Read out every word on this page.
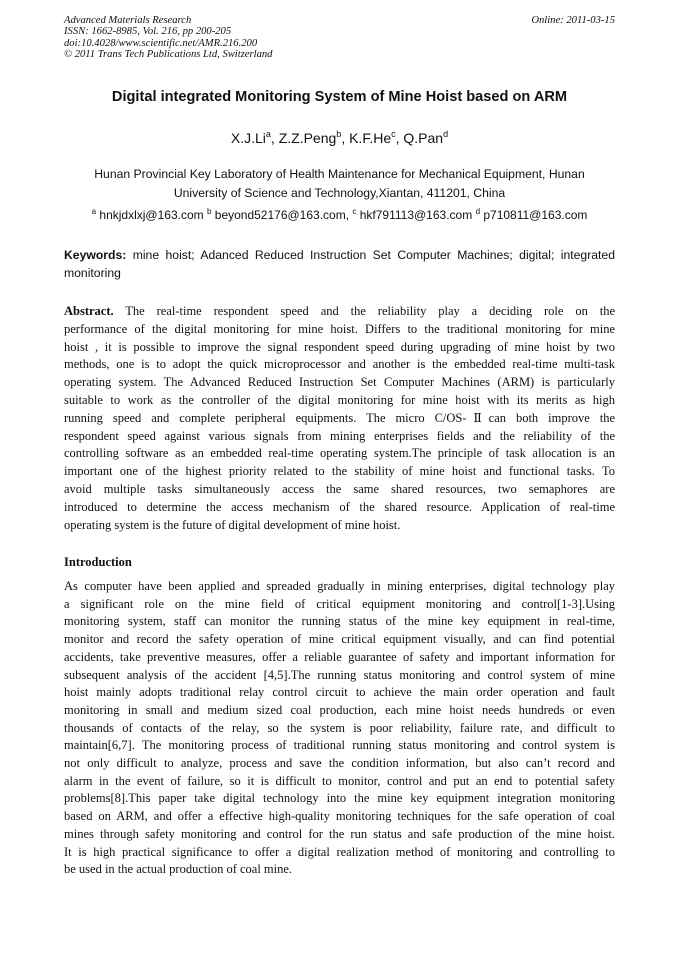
Advanced Materials Research
ISSN: 1662-8985, Vol. 216, pp 200-205
doi:10.4028/www.scientific.net/AMR.216.200
© 2011 Trans Tech Publications Ltd, Switzerland
Online: 2011-03-15
Digital integrated Monitoring System of Mine Hoist based on ARM
X.J.Li$^a$, Z.Z.Peng$^b$, K.F.He$^c$, Q.Pan$^d$
Hunan Provincial Key Laboratory of Health Maintenance for Mechanical Equipment, Hunan
University of Science and Technology,Xiantan, 411201, China
$^a$ hnkjdxlxj@163.com $^b$ beyond52176@163.com, $^c$ hkf791113@163.com $^d$ p710811@163.com
Keywords: mine hoist; Adanced Reduced Instruction Set Computer Machines; digital; integrated
monitoring
Abstract. The real-time respondent speed and the reliability play a deciding role on the
performance of the digital monitoring for mine hoist. Differs to the traditional monitoring for mine
hoist , it is possible to improve the signal respondent speed during upgrading of mine hoist by two
methods, one is to adopt the quick microprocessor and another is the embedded real-time multi-task
operating system. The Advanced Reduced Instruction Set Computer Machines (ARM) is particularly
suitable to work as the controller of the digital monitoring for mine hoist with its merits as high
running speed and complete peripheral equipments. The micro C/OS-Ⅱcan both improve the
respondent speed against various signals from mining enterprises fields and the reliability of the
controlling software as an embedded real-time operating system.The principle of task allocation is an
important one of the highest priority related to the stability of mine hoist and functional tasks. To
avoid multiple tasks simultaneously access the same shared resources, two semaphores are
introduced to determine the access mechanism of the shared resource. Application of real-time
operating system is the future of digital development of mine hoist.
Introduction
As computer have been applied and spreaded gradually in mining enterprises, digital technology play
a significant role on the mine field of critical equipment monitoring and control[1-3].Using
monitoring system, staff can monitor the running status of the mine key equipment in real-time,
monitor and record the safety operation of mine critical equipment visually, and can find potential
accidents, take preventive measures, offer a reliable guarantee of safety and important information for
subsequent analysis of the accident [4,5].The running status monitoring and control system of mine
hoist mainly adopts traditional relay control circuit to achieve the main order operation and fault
monitoring in small and medium sized coal production, each mine hoist needs hundreds or even
thousands of contacts of the relay, so the system is poor reliability, failure rate, and difficult to
maintain[6,7]. The monitoring process of traditional running status monitoring and control system is
not only difficult to analyze, process and save the condition information, but also can’t record and
alarm in the event of failure, so it is difficult to monitor, control and put an end to potential safety
problems[8].This paper take digital technology into the mine key equipment integration monitoring
based on ARM, and offer a effective high-quality monitoring techniques for the safe operation of coal
mines through safety monitoring and control for the run status and safe production of the mine hoist.
It is high practical significance to offer a digital realization method of monitoring and controlling to
be used in the actual production of coal mine.
